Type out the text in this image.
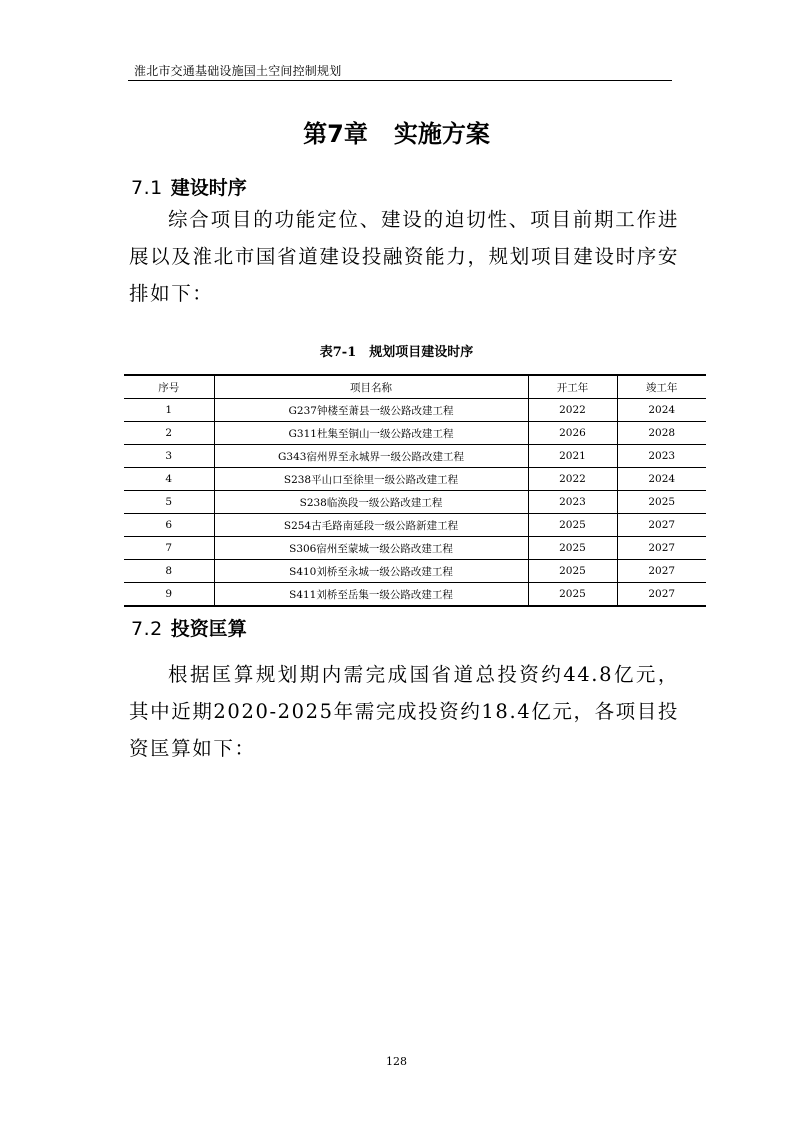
淮北市交通基础设施国土空间控制规划
第7章 实施方案
7.1 建设时序

综合项目的功能定位、建设的迫切性、项目前期工作进展以及淮北市国省道建设投融资能力，规划项目建设时序安排如下：

表7-1　规划项目建设时序
序号	项目名称	开工年	竣工年
1	G237钟楼至萧县一级公路改建工程	2022	2024
2	G311杜集至铜山一级公路改建工程	2026	2028
3	G343宿州界至永城界一级公路改建工程	2021	2023
4	S238平山口至徐里一级公路改建工程	2022	2024
5	S238临涣段一级公路改建工程	2023	2025
6	S254古毛路南延段一级公路新建工程	2025	2027
7	S306宿州至蒙城一级公路改建工程	2025	2027
8	S410刘桥至永城一级公路改建工程	2025	2027
9	S411刘桥至岳集一级公路改建工程	2025	2027
7.2 投资匡算

根据匡算规划期内需完成国省道总投资约44.8亿元，其中近期2020-2025年需完成投资约18.4亿元，各项目投资匡算如下：

128
